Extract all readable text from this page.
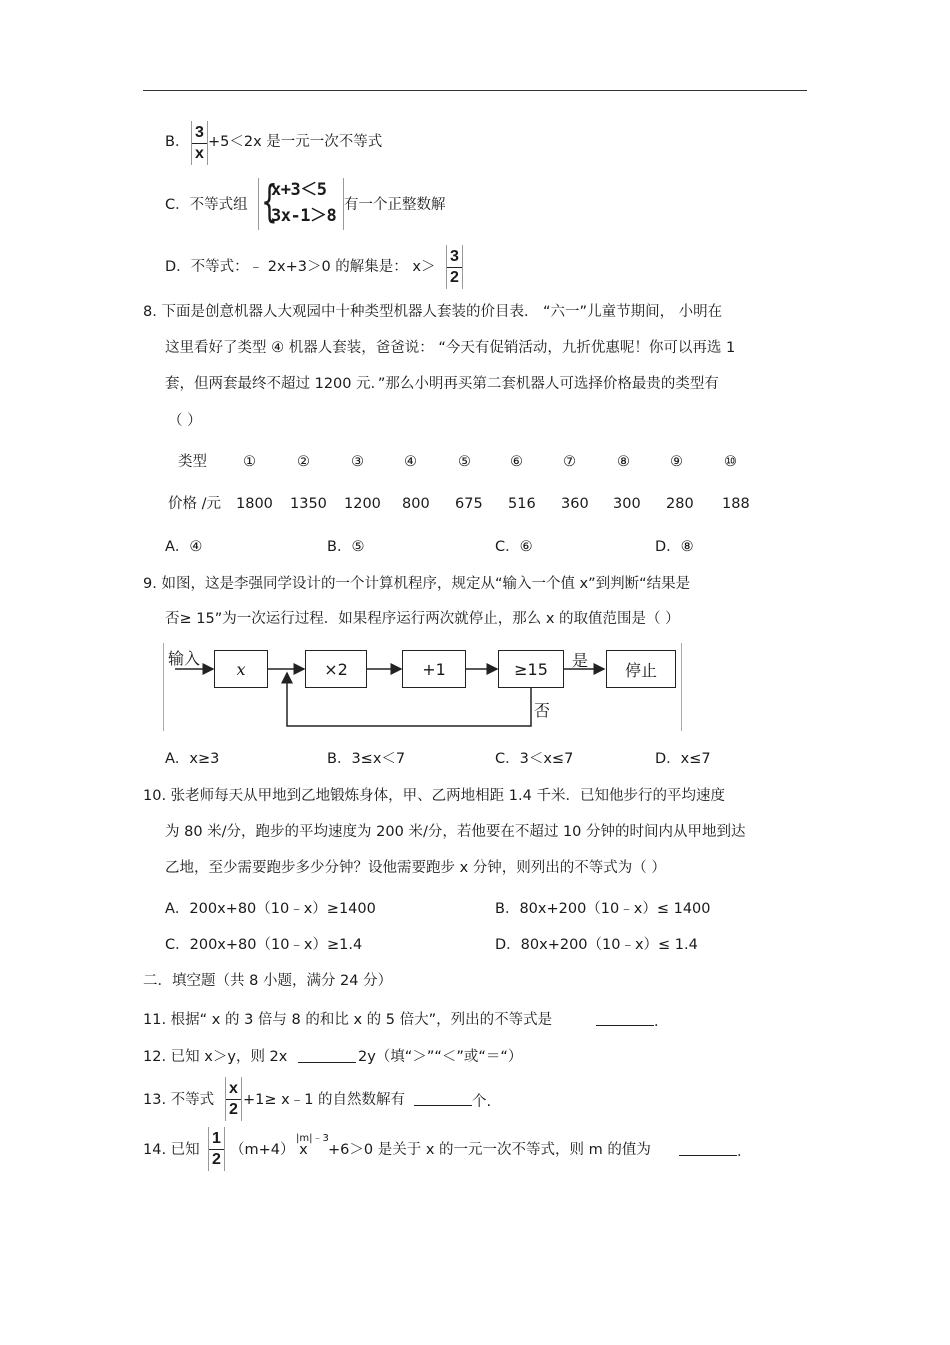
B．
3
x
+5＜2x 是一元一次不等式
C．不等式组 {
x+3＜5
3x-1＞8
有一个正整数解
D．不等式：﹣ 2x+3＞0 的解集是： x＞
3
2
8. 下面是创意机器人大观园中十种类型机器人套装的价目表． “六一”儿童节期间， 小明在
这里看好了类型 ④ 机器人套装，爸爸说： “今天有促销活动，九折优惠呢！你可以再选 1
套，但两套最终不超过 1200 元．”那么小明再买第二套机器人可选择价格最贵的类型有
（ ）
类型 ①	②	③	④	⑤	⑥	⑦	⑧	⑨	⑩
价格 /元 1800 1350 1200 800 675 516 360 300 280 188
A．④	B．⑤	C．⑥	D．⑧
9. 如图，这是李强同学设计的一个计算机程序，规定从“输入一个值 x”到判断“结果是
否≥ 15”为一次运行过程．如果程序运行两次就停止，那么 x 的取值范围是（ ）
输入
x	×2	+1	≥15	是	停止
否
A．x≥3	B．3≤x＜7	C．3＜x≤7	D．x≤7
10. 张老师每天从甲地到乙地锻炼身体，甲、乙两地相距 1.4 千米．已知他步行的平均速度
为 80 米/分，跑步的平均速度为 200 米/分，若他要在不超过 10 分钟的时间内从甲地到达
乙地，至少需要跑步多少分钟？设他需要跑步 x 分钟，则列出的不等式为（ ）
A．200x+80（10﹣x）≥1400	B．80x+200（10﹣x）≤ 1400
C．200x+80（10﹣x）≥1.4	D．80x+200（10﹣x）≤ 1.4
二．填空题（共 8 小题，满分 24 分）
11. 根据“ x 的 3 倍与 8 的和比 x 的 5 倍大”，列出的不等式是	．
12. 已知 x＞y，则 2x	2y（填“＞”“＜”或“＝“）
13. 不等式
x
2
+1≥ x﹣1 的自然数解有	个.
14. 已知
1
2
（m+4） x
|m|﹣3
+6＞0 是关于 x 的一元一次不等式，则 m 的值为	．
